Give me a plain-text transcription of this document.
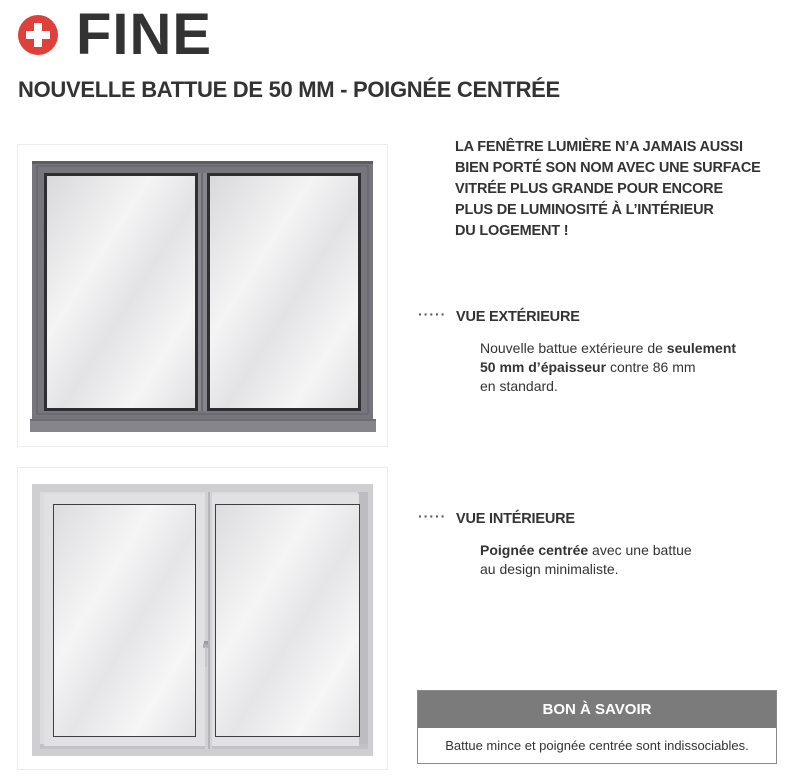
FINE
NOUVELLE BATTUE DE 50 MM - POIGNÉE CENTRÉE
LA FENÊTRE LUMIÈRE N’A JAMAIS AUSSI
BIEN PORTÉ SON NOM AVEC UNE SURFACE
VITRÉE PLUS GRANDE POUR ENCORE
PLUS DE LUMINOSITÉ À L’INTÉRIEUR
DU LOGEMENT !
····· VUE EXTÉRIEURE
Nouvelle battue extérieure de seulement
50 mm d’épaisseur contre 86 mm
en standard.
····· VUE INTÉRIEURE
Poignée centrée avec une battue
au design minimaliste.
BON À SAVOIR
Battue mince et poignée centrée sont indissociables.
